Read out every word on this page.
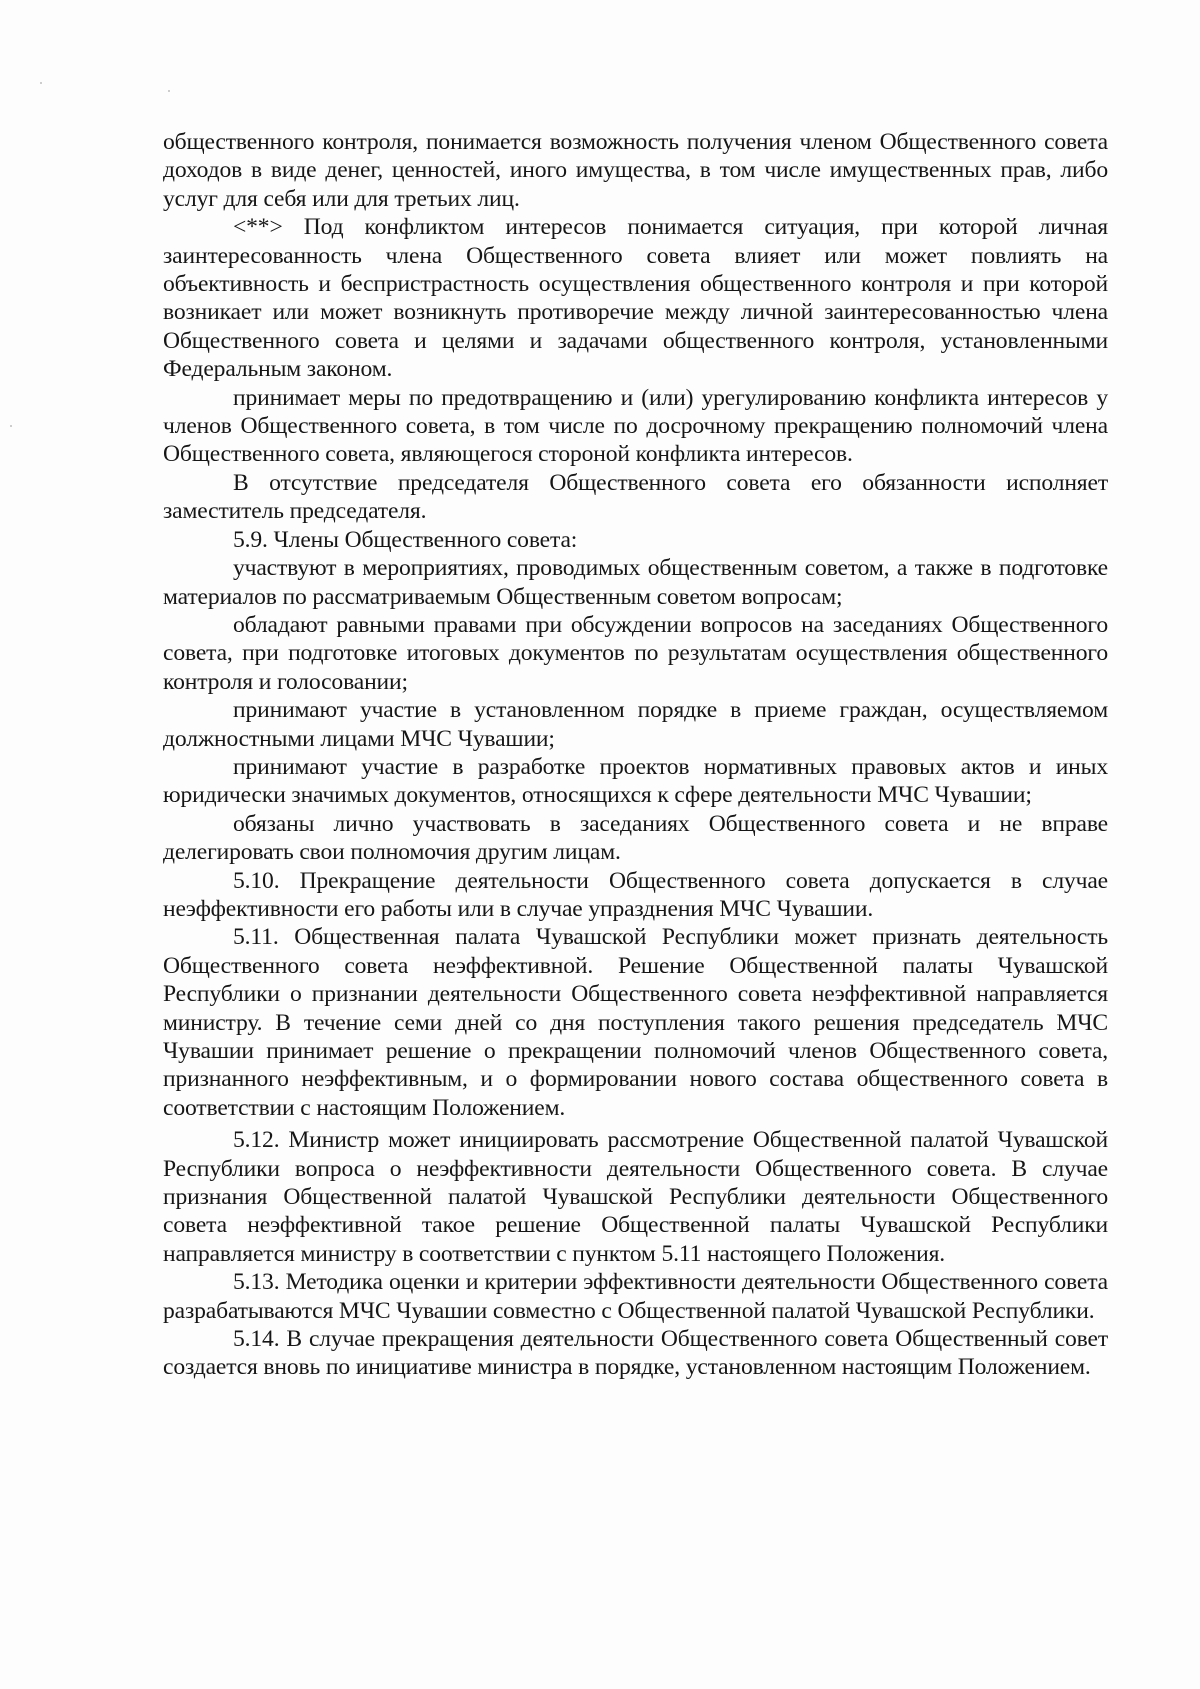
общественного контроля, понимается возможность получения членом Общественного совета доходов в виде денег, ценностей, иного имущества, в том числе имущественных прав, либо услуг для себя или для третьих лиц.

<**> Под конфликтом интересов понимается ситуация, при которой личная заинтересованность члена Общественного совета влияет или может повлиять на объективность и беспристрастность осуществления общественного контроля и при которой возникает или может возникнуть противоречие между личной заинтересованностью члена Общественного совета и целями и задачами общественного контроля, установленными Федеральным законом.

принимает меры по предотвращению и (или) урегулированию конфликта интересов у членов Общественного совета, в том числе по досрочному прекращению полномочий члена Общественного совета, являющегося стороной конфликта интересов.

В отсутствие председателя Общественного совета его обязанности исполняет заместитель председателя.

5.9. Члены Общественного совета:

участвуют в мероприятиях, проводимых общественным советом, а также в подготовке материалов по рассматриваемым Общественным советом вопросам;

обладают равными правами при обсуждении вопросов на заседаниях Общественного совета, при подготовке итоговых документов по результатам осуществления общественного контроля и голосовании;

принимают участие в установленном порядке в приеме граждан, осуществляемом должностными лицами МЧС Чувашии;

принимают участие в разработке проектов нормативных правовых актов и иных юридически значимых документов, относящихся к сфере деятельности МЧС Чувашии;

обязаны лично участвовать в заседаниях Общественного совета и не вправе делегировать свои полномочия другим лицам.

5.10. Прекращение деятельности Общественного совета допускается в случае неэффективности его работы или в случае упразднения МЧС Чувашии.

5.11. Общественная палата Чувашской Республики может признать деятельность Общественного совета неэффективной. Решение Общественной палаты Чувашской Республики о признании деятельности Общественного совета неэффективной направляется министру. В течение семи дней со дня поступления такого решения председатель МЧС Чувашии принимает решение о прекращении полномочий членов Общественного совета, признанного неэффективным, и о формировании нового состава общественного совета в соответствии с настоящим Положением.

5.12. Министр может инициировать рассмотрение Общественной палатой Чувашской Республики вопроса о неэффективности деятельности Общественного совета. В случае признания Общественной палатой Чувашской Республики деятельности Общественного совета неэффективной такое решение Общественной палаты Чувашской Республики направляется министру в соответствии с пунктом 5.11 настоящего Положения.

5.13. Методика оценки и критерии эффективности деятельности Общественного совета разрабатываются МЧС Чувашии совместно с Общественной палатой Чувашской Республики.

5.14. В случае прекращения деятельности Общественного совета Общественный совет создается вновь по инициативе министра в порядке, установленном настоящим Положением.
